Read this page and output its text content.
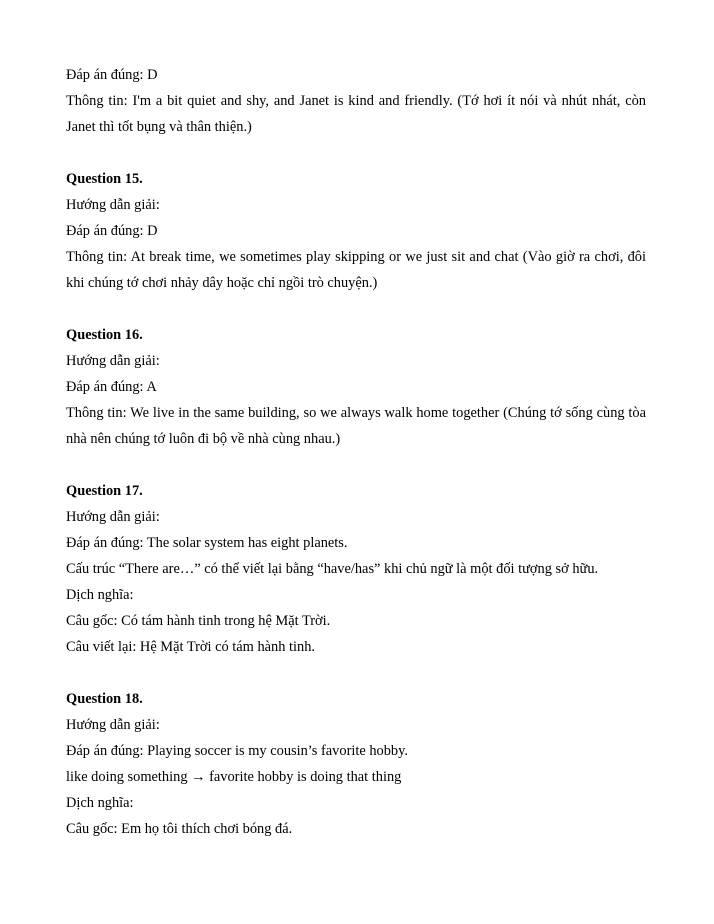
Đáp án đúng: D
Thông tin: I'm a bit quiet and shy, and Janet is kind and friendly. (Tớ hơi ít nói và nhút nhát, còn Janet thì tốt bụng và thân thiện.)
Question 15.
Hướng dẫn giải:
Đáp án đúng: D
Thông tin: At break time, we sometimes play skipping or we just sit and chat (Vào giờ ra chơi, đôi khi chúng tớ chơi nhảy dây hoặc chỉ ngồi trò chuyện.)
Question 16.
Hướng dẫn giải:
Đáp án đúng: A
Thông tin: We live in the same building, so we always walk home together (Chúng tớ sống cùng tòa nhà nên chúng tớ luôn đi bộ về nhà cùng nhau.)
Question 17.
Hướng dẫn giải:
Đáp án đúng: The solar system has eight planets.
Cấu trúc “There are…” có thể viết lại bằng “have/has” khi chủ ngữ là một đối tượng sở hữu.
Dịch nghĩa:
Câu gốc: Có tám hành tinh trong hệ Mặt Trời.
Câu viết lại: Hệ Mặt Trời có tám hành tinh.
Question 18.
Hướng dẫn giải:
Đáp án đúng: Playing soccer is my cousin’s favorite hobby.
like doing something → favorite hobby is doing that thing
Dịch nghĩa:
Câu gốc: Em họ tôi thích chơi bóng đá.
